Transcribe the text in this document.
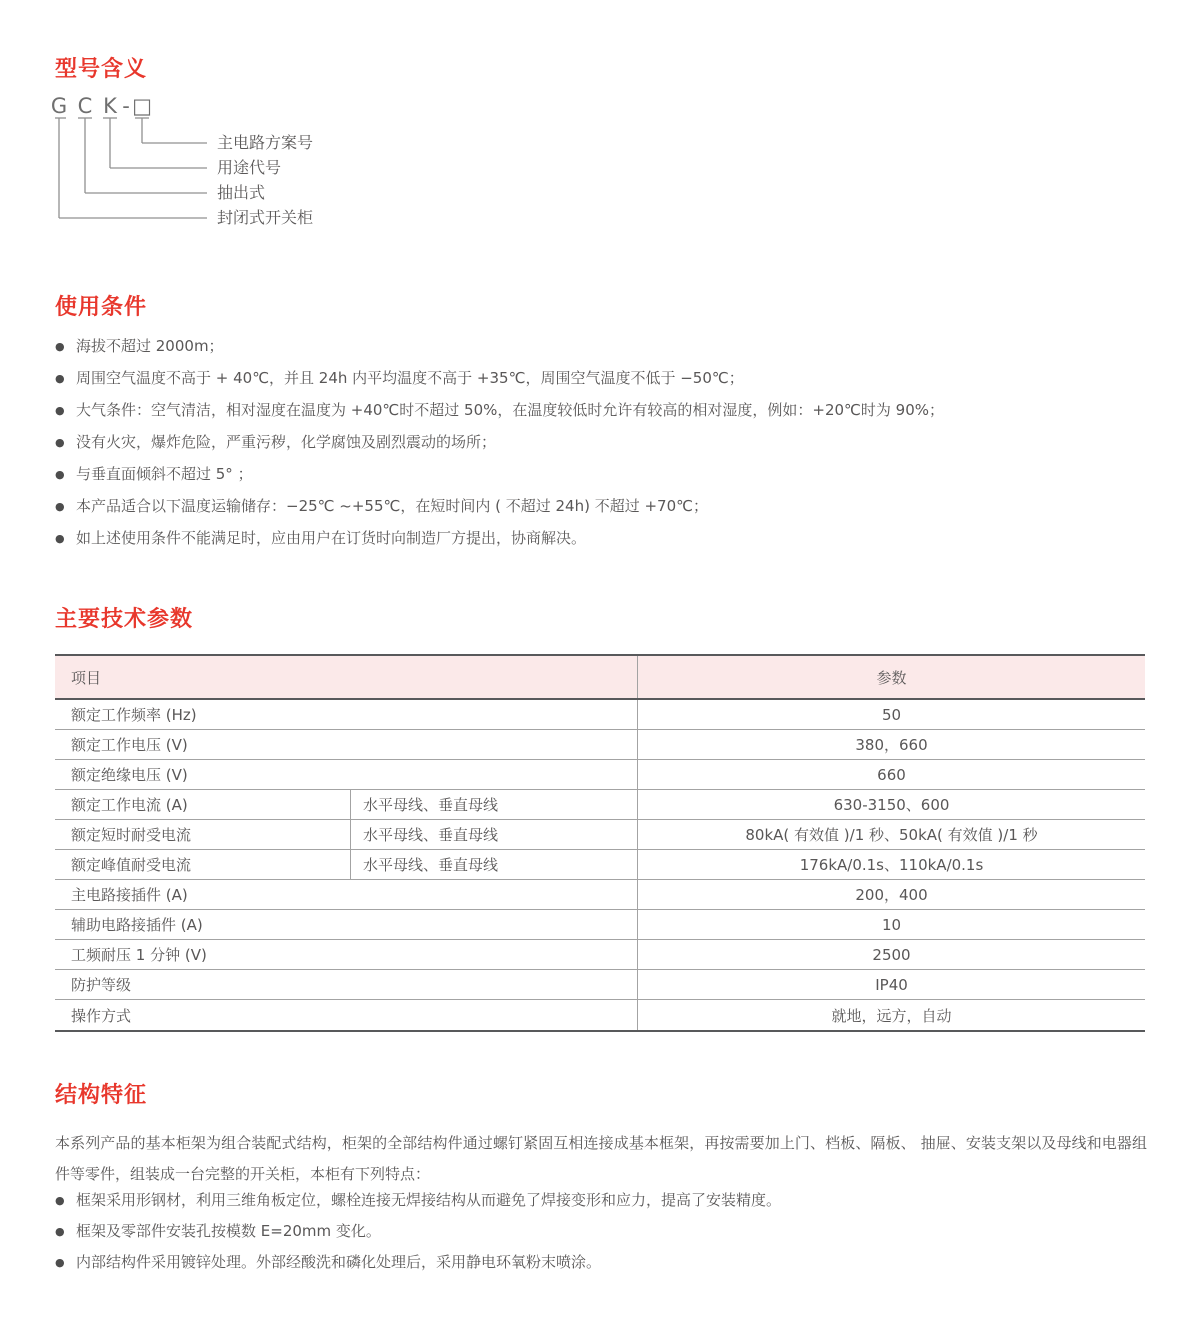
型号含义
G C K - □
主电路方案号
用途代号
抽出式
封闭式开关柜
使用条件
● 海拔不超过 2000m；
● 周围空气温度不高于 + 40℃，并且 24h 内平均温度不高于 +35℃，周围空气温度不低于 −50℃；
● 大气条件：空气清洁，相对湿度在温度为 +40℃时不超过 50%，在温度较低时允许有较高的相对湿度，例如：+20℃时为 90%；
● 没有火灾，爆炸危险，严重污秽，化学腐蚀及剧烈震动的场所；
● 与垂直面倾斜不超过 5° ；
● 本产品适合以下温度运输储存：−25℃ ~+55℃，在短时间内 ( 不超过 24h) 不超过 +70℃；
● 如上述使用条件不能满足时，应由用户在订货时向制造厂方提出，协商解决。
主要技术参数
项目	参数
额定工作频率 (Hz)	50
额定工作电压 (V)	380，660
额定绝缘电压 (V)	660
额定工作电流 (A)	水平母线、垂直母线	630-3150、600
额定短时耐受电流	水平母线、垂直母线	80kA( 有效值 )/1 秒、50kA( 有效值 )/1 秒
额定峰值耐受电流	水平母线、垂直母线	176kA/0.1s、110kA/0.1s
主电路接插件 (A)	200，400
辅助电路接插件 (A)	10
工频耐压 1 分钟 (V)	2500
防护等级	IP40
操作方式	就地，远方，自动
结构特征

本系列产品的基本柜架为组合装配式结构，柜架的全部结构件通过螺钉紧固互相连接成基本框架，再按需要加上门、档板、隔板、 抽屉、安装支架以及母线和电器组件等零件，组装成一台完整的开关柜，本柜有下列特点：

● 框架采用形钢材，利用三维角板定位，螺栓连接无焊接结构从而避免了焊接变形和应力，提高了安装精度。
● 框架及零部件安装孔按模数 E=20mm 变化。
● 内部结构件采用镀锌处理。外部经酸洗和磷化处理后，采用静电环氧粉末喷涂。
